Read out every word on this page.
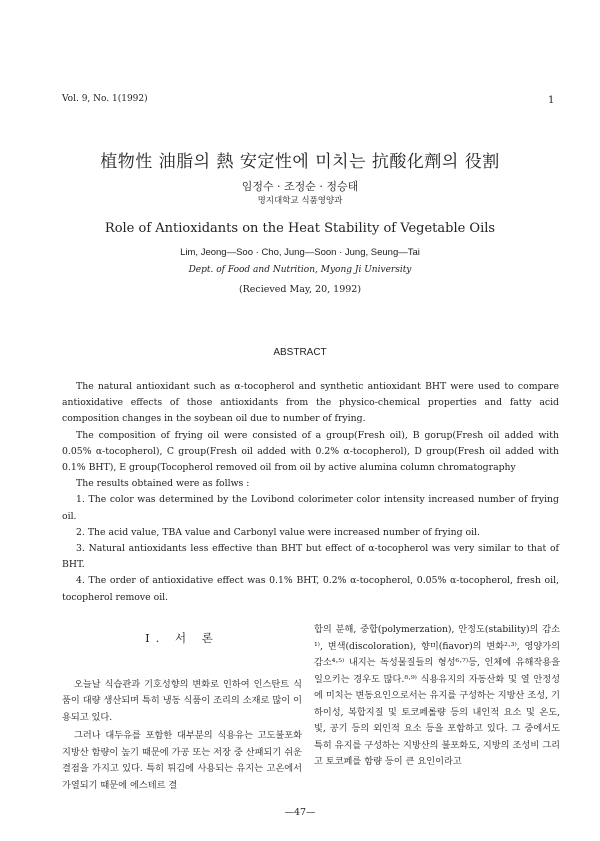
Vol. 9, No. 1(1992)	1
植物性 油脂의 熱 安定性에 미치는 抗酸化劑의 役割
임정수 · 조정순 · 정승태
명지대학교 식품영양과
Role of Antioxidants on the Heat Stability of Vegetable Oils
Lim, Jeong—Soo · Cho, Jung—Soon · Jung, Seung—Tai
Dept. of Food and Nutrition, Myong Ji University
(Recieved May, 20, 1992)
ABSTRACT

The natural antioxidant such as α-tocopherol and synthetic antioxidant BHT were used to compare antioxidative effects of those antioxidants from the physico-chemical properties and fatty acid composition changes in the soybean oil due to number of frying.

The composition of frying oil were consisted of a group(Fresh oil), B gorup(Fresh oil added with 0.05% α-tocopherol), C group(Fresh oil added with 0.2% α-tocopherol), D group(Fresh oil added with 0.1% BHT), E group(Tocopherol removed oil from oil by active alumina column chromatography

The results obtained were as follws :

1. The color was determined by the Lovibond colorimeter color intensity increased number of frying oil.

2. The acid value, TBA value and Carbonyl value were increased number of frying oil.

3. Natural antioxidants less effective than BHT but effect of α-tocopherol was very similar to that of BHT.

4. The order of antioxidative effect was 0.1% BHT, 0.2% α-tocopherol, 0.05% α-tocopherol, fresh oil, tocopherol remove oil.

I. 서 론

오늘날 식습관과 기호성향의 변화로 인하여 인스탄트 식품이 대량 생산되며 특히 냉동 식품이 조리의 소재로 많이 이용되고 있다.

그러나 대두유를 포함한 대부분의 식용유는 고도불포화 지방산 함량이 높기 때문에 가공 또는 저장 중 산패되기 쉬운 결점을 가지고 있다. 특히 튀김에 사용되는 유지는 고온에서 가열되기 때문에 에스테르 결

합의 분해, 중합(polymerzation), 안정도(stability)의 감소¹⁾, 변색(discoloration), 향미(fiavor)의 변화²·³⁾, 영양가의 감소⁴·⁵⁾ 내지는 독성물질들의 형성⁶·⁷⁾등, 인체에 유해작용을 일으키는 경우도 많다.⁸·⁹⁾ 식용유지의 자동산화 및 열 안정성에 미치는 변동요인으로서는 유지를 구성하는 지방산 조성, 기하이성, 복합지질 및 토코페롤량 등의 내인적 요소 및 온도, 빛, 공기 등의 외인적 요소 등을 포함하고 있다. 그 중에서도 특히 유지를 구성하는 지방산의 불포화도, 지방의 조성비 그리고 토코페를 함량 등이 큰 요인이라고

—47—
